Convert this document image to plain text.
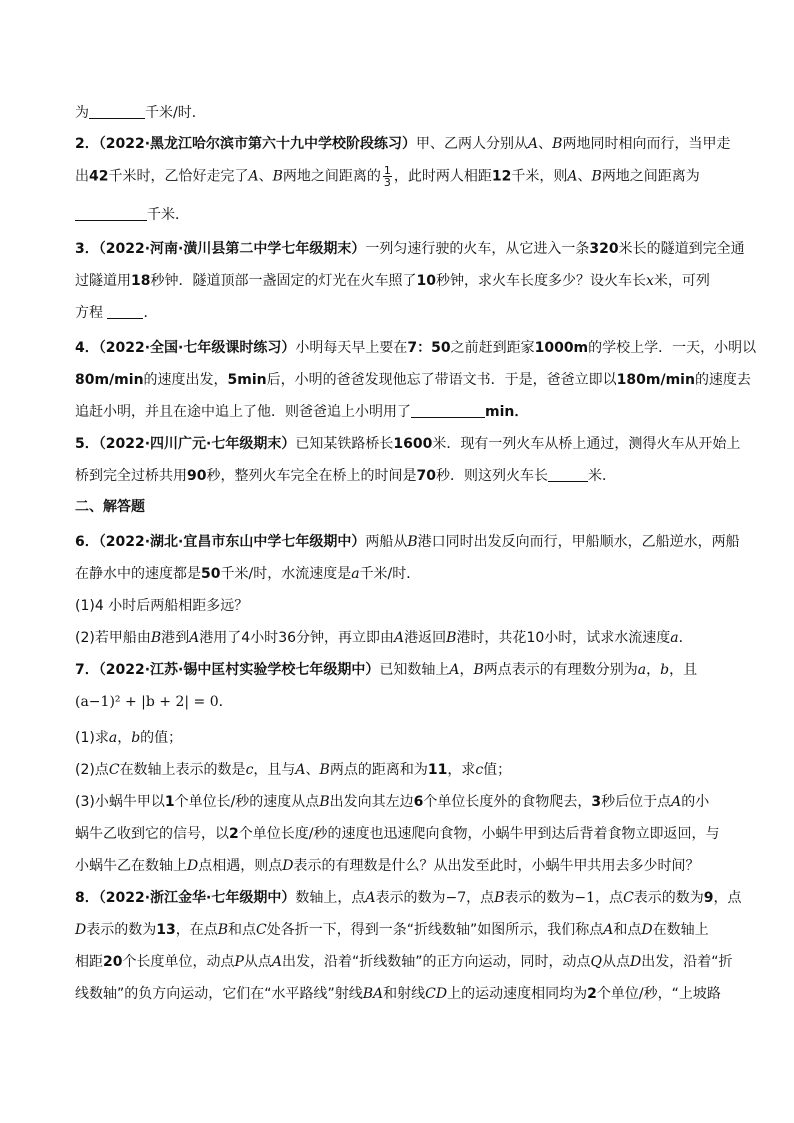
为	千米/时．
2．（2022·黑龙江哈尔滨市第六十九中学校阶段练习）甲、乙两人分别从A、B两地同时相向而行，当甲走
出42千米时，乙恰好走完了A、B两地之间距离的 $\frac{1}{3}$ ，此时两人相距12千米，则A、B两地之间距离为
千米．
3．（2022·河南·潢川县第二中学七年级期末）一列匀速行驶的火车，从它进入一条320米长的隧道到完全通
过隧道用18秒钟．隧道顶部一盏固定的灯光在火车照了10秒钟，求火车长度多少？设火车长x米，可列
方程	．
4．（2022·全国·七年级课时练习）小明每天早上要在7：50之前赶到距家1000m的学校上学．一天，小明以
80m/min的速度出发，5min后，小明的爸爸发现他忘了带语文书．于是，爸爸立即以180m/min的速度去
追赶小明，并且在途中追上了他．则爸爸追上小明用了	min．
5．（2022·四川广元·七年级期末）已知某铁路桥长1600米．现有一列火车从桥上通过，测得火车从开始上
桥到完全过桥共用90秒，整列火车完全在桥上的时间是70秒．则这列火车长	米．
二、解答题
6．（2022·湖北·宜昌市东山中学七年级期中）两船从B港口同时出发反向而行，甲船顺水，乙船逆水，两船
在静水中的速度都是50千米/时，水流速度是a千米/时．
(1)4 小时后两船相距多远？
(2)若甲船由B港到A港用了4小时36分钟，再立即由A港返回B港时，共花10小时，试求水流速度a．
7．（2022·江苏·锡中匡村实验学校七年级期中）已知数轴上A，B两点表示的有理数分别为a，b，且
(a−1)² + |b + 2| = 0．
(1)求a，b的值；
(2)点C在数轴上表示的数是c，且与A、B两点的距离和为11，求c值；
(3)小蜗牛甲以1个单位长/秒的速度从点B出发向其左边6个单位长度外的食物爬去，3秒后位于点A的小
蜗牛乙收到它的信号，以2个单位长度/秒的速度也迅速爬向食物，小蜗牛甲到达后背着食物立即返回，与
小蜗牛乙在数轴上D点相遇，则点D表示的有理数是什么？从出发至此时，小蜗牛甲共用去多少时间？
8．（2022·浙江金华·七年级期中）数轴上，点A表示的数为−7，点B表示的数为−1，点C表示的数为9，点
D表示的数为13，在点B和点C处各折一下，得到一条“折线数轴”如图所示，我们称点A和点D在数轴上
相距20个长度单位，动点P从点A出发，沿着“折线数轴”的正方向运动，同时，动点Q从点D出发，沿着“折
线数轴”的负方向运动，它们在“水平路线”射线BA和射线CD上的运动速度相同均为2个单位/秒，“上坡路
